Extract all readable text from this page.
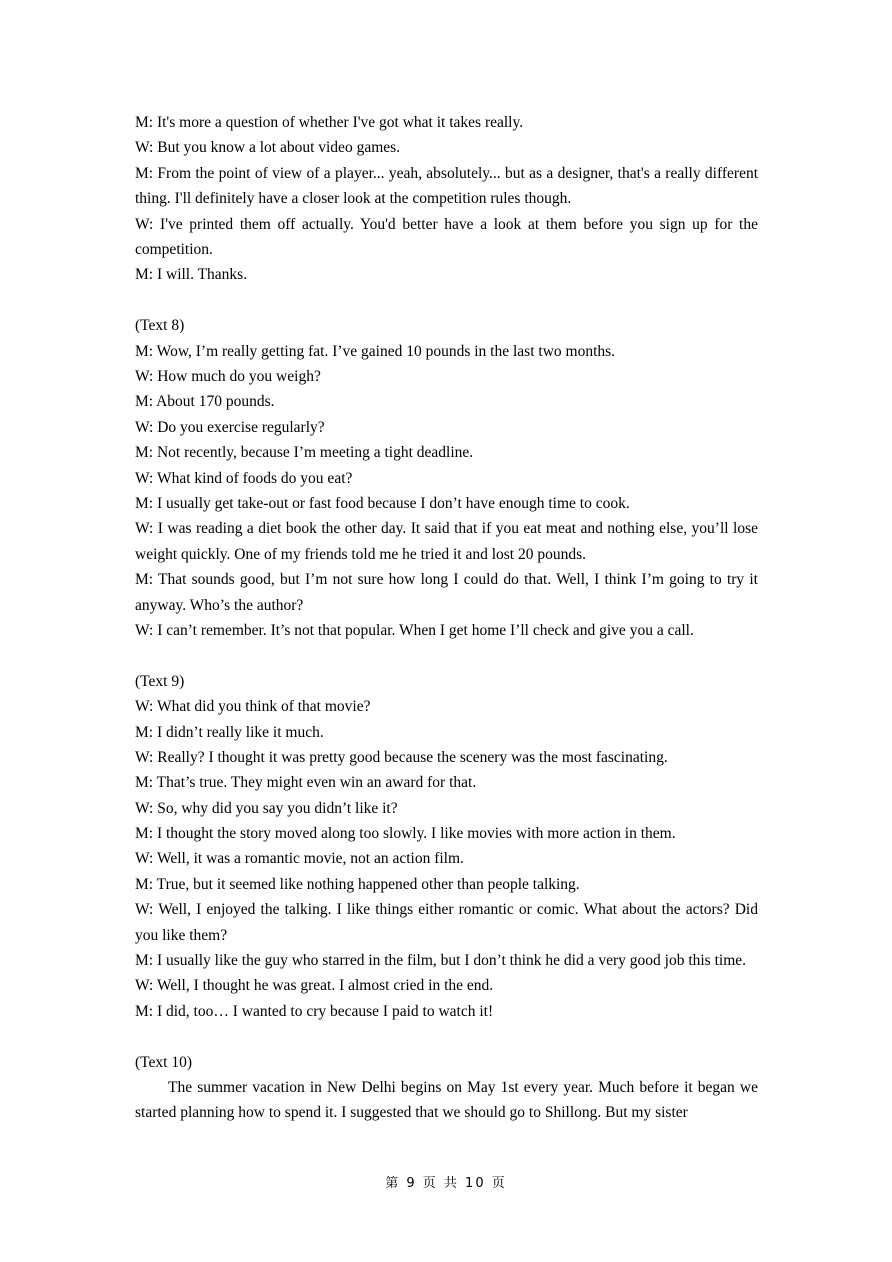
M: It's more a question of whether I've got what it takes really.
W: But you know a lot about video games.
M: From the point of view of a player... yeah, absolutely... but as a designer, that's a really different thing. I'll definitely have a closer look at the competition rules though.
W: I've printed them off actually. You'd better have a look at them before you sign up for the competition.
M: I will. Thanks.
(Text 8)
M: Wow, I’m really getting fat. I’ve gained 10 pounds in the last two months.
W: How much do you weigh?
M: About 170 pounds.
W: Do you exercise regularly?
M: Not recently, because I’m meeting a tight deadline.
W: What kind of foods do you eat?
M: I usually get take-out or fast food because I don’t have enough time to cook.
W: I was reading a diet book the other day. It said that if you eat meat and nothing else, you’ll lose weight quickly. One of my friends told me he tried it and lost 20 pounds.
M: That sounds good, but I’m not sure how long I could do that. Well, I think I’m going to try it anyway. Who’s the author?
W: I can’t remember. It’s not that popular. When I get home I’ll check and give you a call.
(Text 9)
W: What did you think of that movie?
M: I didn’t really like it much.
W: Really? I thought it was pretty good because the scenery was the most fascinating.
M: That’s true. They might even win an award for that.
W: So, why did you say you didn’t like it?
M: I thought the story moved along too slowly. I like movies with more action in them.
W: Well, it was a romantic movie, not an action film.
M: True, but it seemed like nothing happened other than people talking.
W: Well, I enjoyed the talking. I like things either romantic or comic. What about the actors? Did you like them?
M: I usually like the guy who starred in the film, but I don’t think he did a very good job this time.
W: Well, I thought he was great. I almost cried in the end.
M: I did, too… I wanted to cry because I paid to watch it!
(Text 10)
The summer vacation in New Delhi begins on May 1st every year. Much before it began we started planning how to spend it. I suggested that we should go to Shillong. But my sister
第 9 页 共 10 页
